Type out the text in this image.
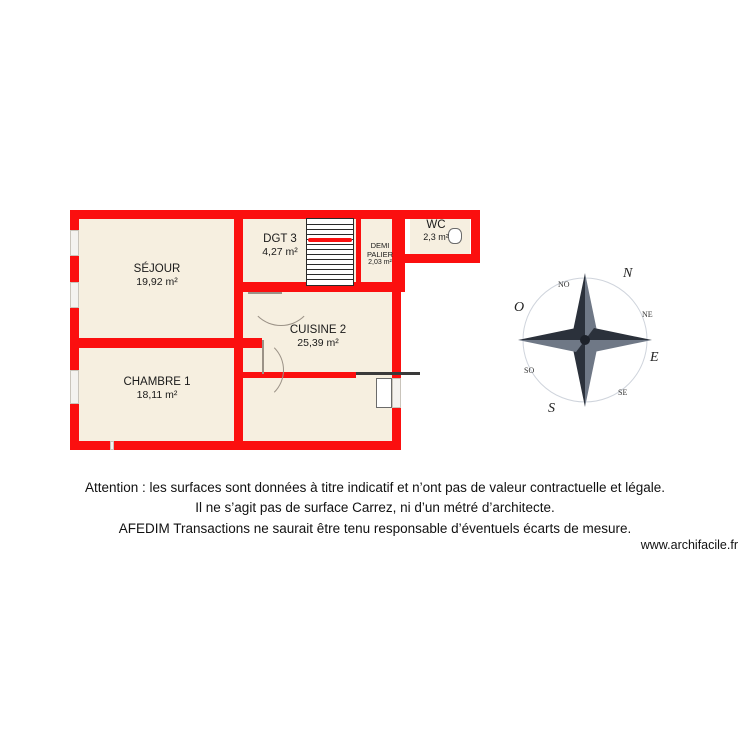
SÉJOUR
19,92 m²
DGT 3
4,27 m²
DEMI PALIER
2,03 m²
WC
2,3 m²
CUISINE 2
25,39 m²
CHAMBRE 1
18,11 m²
N
E
S
O	NE
SE
SO
NO
Attention : les surfaces sont données à titre indicatif et n’ont pas de valeur contractuelle et légale.
Il ne s’agit pas de surface Carrez, ni d’un métré d’architecte.
AFEDIM Transactions ne saurait être tenu responsable d’éventuels écarts de mesure.
www.archifacile.fr
